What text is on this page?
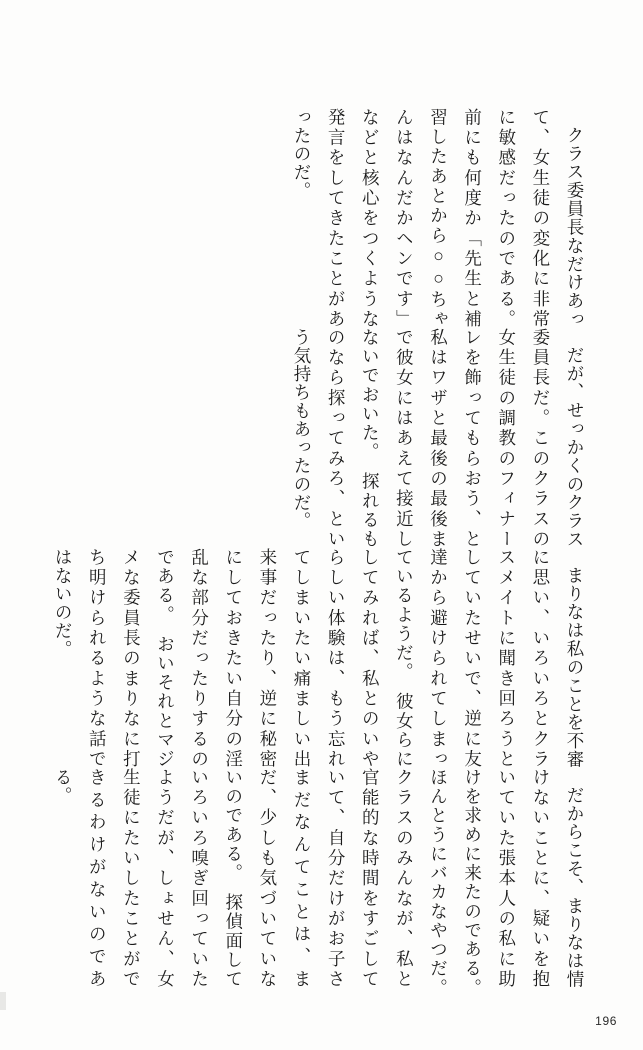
クラス委員長なだけあって、女生徒の変化に非常に敏感だったのである。前にも何度か「先生と補習したあとから○○ちゃんはなんだかヘンです」などと核心をつくような発言をしてきたことがあったのだ。

だが、せっかくのクラス委員長だ。このクラスの女生徒の調教のフィナーレを飾ってもらおう、と私はワザと最後の最後まで彼女にはあえて接近しないでおいた。　探れるものなら探ってみろ、という気持ちもあったのだ。

まりなは私のことを不審に思い、いろいろとクラスメイトに聞き回ろうとしていたせいで、逆に友達から避けられてしまっているようだ。　彼女らにしてみれば、私とのいやらしい体験は、もう忘れてしまいたい痛ましい出来事だったり、逆に秘密にしておきたい自分の淫乱な部分だったりするのである。　おいそれとマジメな委員長のまりなに打ち明けられるような話ではないのだ。

だからこそ、まりなは情けないことに、疑いを抱いていた張本人の私に助けを求めに来たのである。　ほんとうにバカなやつだ。　クラスのみんなが、私と官能的な時間をすごしていて、自分だけがお子さまだなんてことは、まだ、少しも気づいていないのである。　探偵面していろいろ嗅ぎ回っていたようだが、しょせん、女生徒にたいしたことができるわけがないのである。

196
